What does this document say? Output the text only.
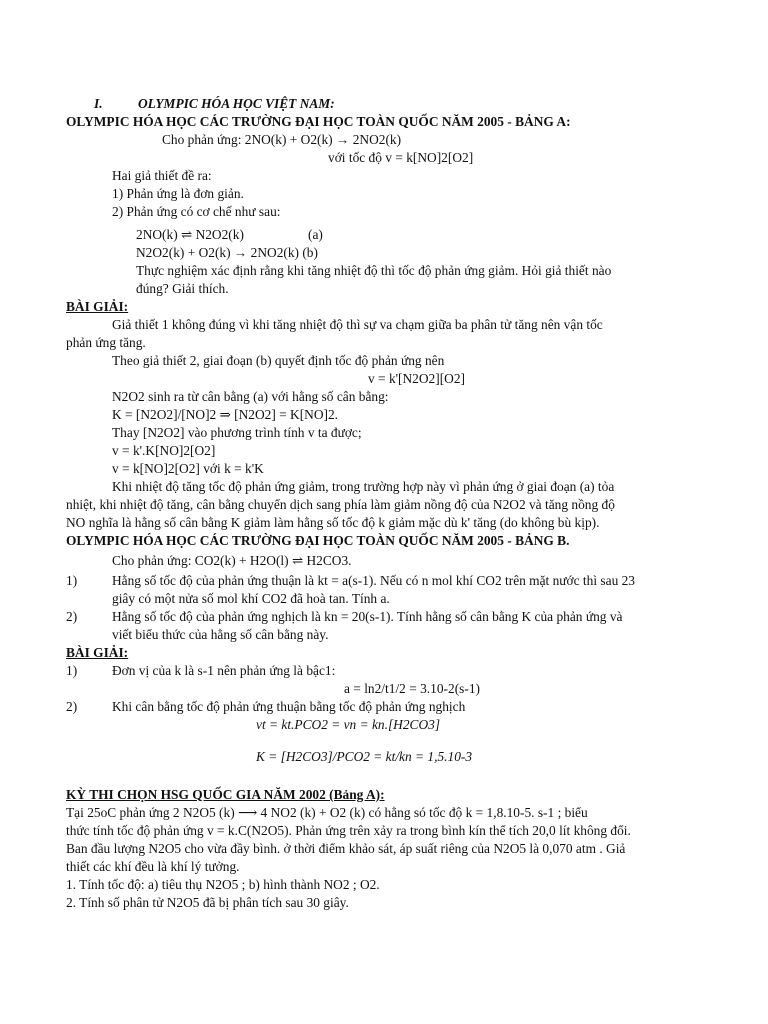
I.	OLYMPIC HÓA HỌC VIỆT NAM:
OLYMPIC HÓA HỌC CÁC TRƯỜNG ĐẠI HỌC TOÀN QUỐC NĂM 2005 - BẢNG A:
Cho phản ứng: 2NO(k) + O2(k) → 2NO2(k)
với tốc độ v = k[NO]2[O2]
Hai giả thiết đề ra:
1) Phản ứng là đơn giản.
2) Phản ứng có cơ chế như sau:
2NO(k) ⇌ N2O2(k)	(a)
N2O2(k) + O2(k) → 2NO2(k) (b)
Thực nghiệm xác định rằng khi tăng nhiệt độ thì tốc độ phản ứng giảm. Hỏi giả thiết nào
đúng? Giải thích.
BÀI GIẢI:
Giả thiết 1 không đúng vì khi tăng nhiệt độ thì sự va chạm giữa ba phân tử tăng nên vận tốc
phản ứng tăng.
Theo giả thiết 2, giai đoạn (b) quyết định tốc độ phản ứng nên
v = k'[N2O2][O2]
N2O2 sinh ra từ cân bằng (a) với hằng số cân bằng:
K = [N2O2]/[NO]2 ⇒ [N2O2] = K[NO]2.
Thay [N2O2] vào phương trình tính v ta được;
v = k'.K[NO]2[O2]
v = k[NO]2[O2] với k = k'K
Khi nhiệt độ tăng tốc độ phản ứng giảm, trong trường hợp này vì phản ứng ở giai đoạn (a) tỏa
nhiệt, khi nhiệt độ tăng, cân bằng chuyển dịch sang phía làm giảm nồng độ của N2O2 và tăng nồng độ
NO nghĩa là hằng số cân bằng K giảm làm hằng số tốc độ k giảm mặc dù k' tăng (do không bù kịp).
OLYMPIC HÓA HỌC CÁC TRƯỜNG ĐẠI HỌC TOÀN QUỐC NĂM 2005 - BẢNG B.
Cho phản ứng: CO2(k) + H2O(l) ⇌ H2CO3.
1)	Hằng số tốc độ của phản ứng thuận là kt = a(s-1). Nếu có n mol khí CO2 trên mặt nước thì sau 23
giây có một nửa số mol khí CO2 đã hoà tan. Tính a.
2)	Hằng số tốc độ của phản ứng nghịch là kn = 20(s-1). Tính hằng số cân bằng K của phản ứng và
viết biểu thức của hằng số cân bằng này.
BÀI GIẢI:
1)	Đơn vị của k là s-1 nên phản ứng là bậc1:
a = ln2/t1/2 = 3.10-2(s-1)
2)	Khi cân bằng tốc độ phản ứng thuận bằng tốc độ phản ứng nghịch
vt = kt.PCO2 = vn = kn.[H2CO3]
K = [H2CO3]/PCO2 = kt/kn = 1,5.10-3
KỲ THI CHỌN HSG QUỐC GIA NĂM 2002 (Bảng A):
Tại 25oC phản ứng 2 N2O5 (k) ⟶ 4 NO2 (k) + O2 (k) có hằng só tốc độ k = 1,8.10-5. s-1 ; biểu
thức tính tốc độ phản ứng v = k.C(N2O5). Phản ứng trên xảy ra trong bình kín thể tích 20,0 lít không đổi.
Ban đầu lượng N2O5 cho vừa đầy bình. ở thời điểm khảo sát, áp suất riêng của N2O5 là 0,070 atm . Giả
thiết các khí đều là khí lý tưởng.
1. Tính tốc độ: a) tiêu thụ N2O5 ; b) hình thành NO2 ; O2.
2. Tính số phân tử N2O5 đã bị phân tích sau 30 giây.
